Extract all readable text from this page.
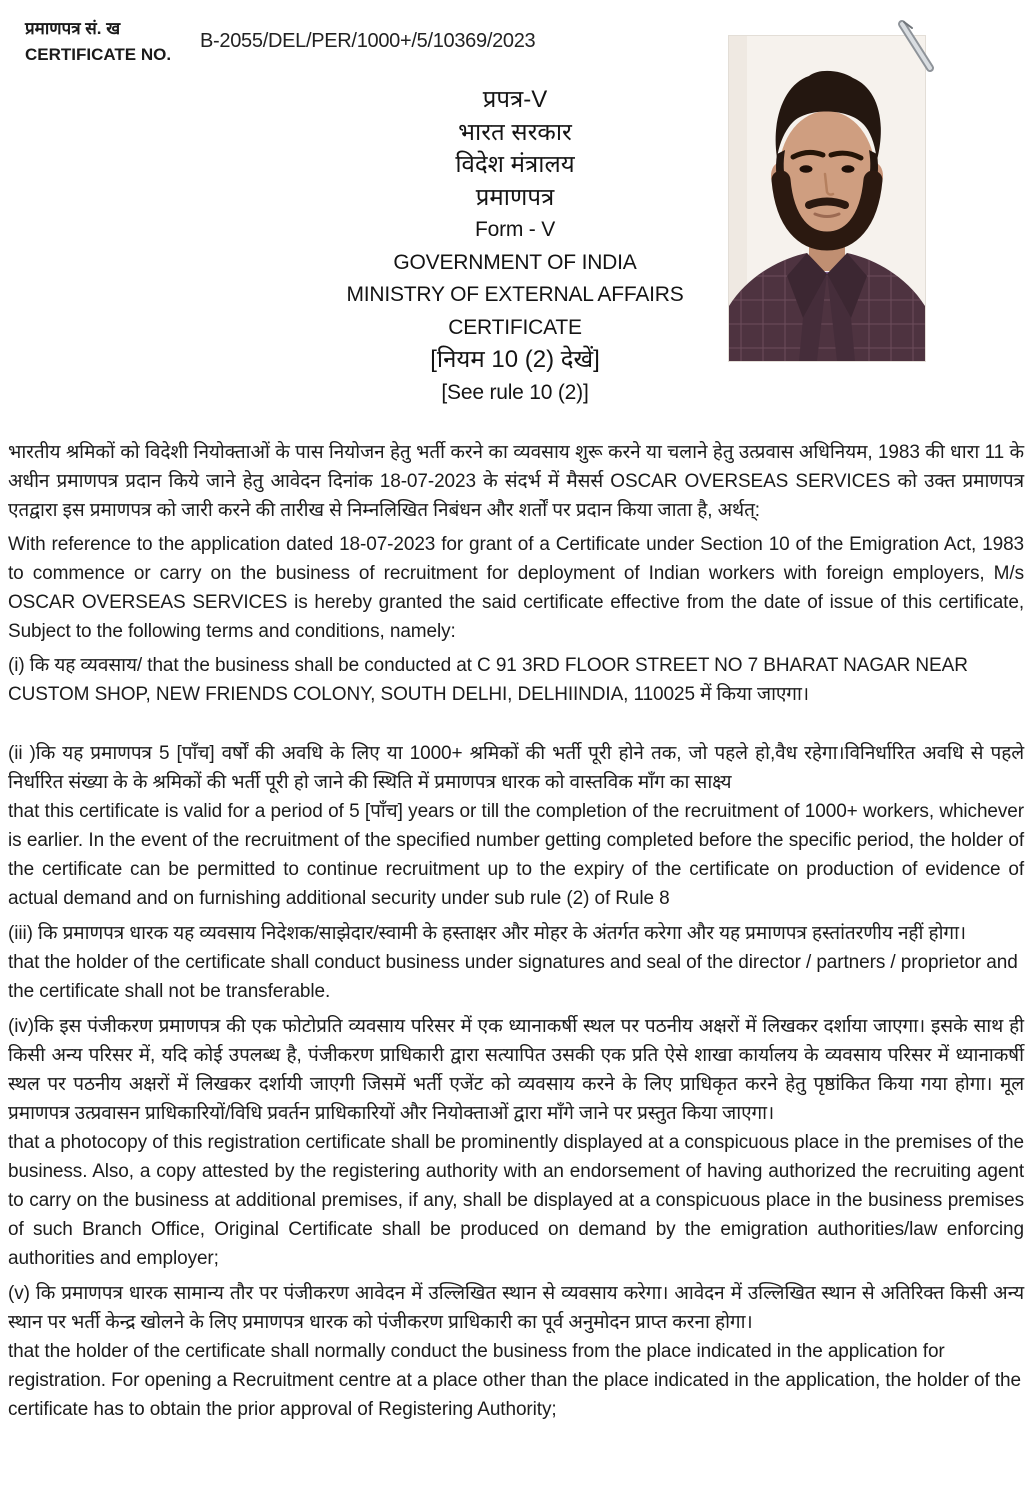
प्रमाणपत्र सं. ख
CERTIFICATE NO.
B-2055/DEL/PER/1000+/5/10369/2023
प्रपत्र-V
भारत सरकार
विदेश मंत्रालय
प्रमाणपत्र
Form - V
GOVERNMENT OF INDIA
MINISTRY OF EXTERNAL AFFAIRS
CERTIFICATE
[नियम 10 (2) देखें]
[See rule 10 (2)]

भारतीय श्रमिकों को विदेशी नियोक्ताओं के पास नियोजन हेतु भर्ती करने का व्यवसाय शुरू करने या चलाने हेतु उत्प्रवास अधिनियम, 1983 की धारा 11 के अधीन प्रमाणपत्र प्रदान किये जाने हेतु आवेदन दिनांक 18-07-2023 के संदर्भ में मैसर्स OSCAR OVERSEAS SERVICES को उक्त प्रमाणपत्र एतद्वारा इस प्रमाणपत्र को जारी करने की तारीख से निम्नलिखित निबंधन और शर्तों पर प्रदान किया जाता है, अर्थत्:

With reference to the application dated 18-07-2023 for grant of a Certificate under Section 10 of the Emigration Act, 1983 to commence or carry on the business of recruitment for deployment of Indian workers with foreign employers, M/s OSCAR OVERSEAS SERVICES is hereby granted the said certificate effective from the date of issue of this certificate, Subject to the following terms and conditions, namely:

(i) कि यह व्यवसाय/ that the business shall be conducted at C 91 3RD FLOOR STREET NO 7 BHARAT NAGAR NEAR CUSTOM SHOP, NEW FRIENDS COLONY, SOUTH DELHI, DELHIINDIA, 110025 में किया जाएगा।

(ii )कि यह प्रमाणपत्र 5 [पाँच] वर्षों की अवधि के लिए या 1000+ श्रमिकों की भर्ती पूरी होने तक, जो पहले हो,वैध रहेगा।विनिर्धारित अवधि से पहले निर्धारित संख्या के के श्रमिकों की भर्ती पूरी हो जाने की स्थिति में प्रमाणपत्र धारक को वास्तविक माँग का साक्ष्य
that this certificate is valid for a period of 5 [पाँच] years or till the completion of the recruitment of 1000+ workers, whichever is earlier. In the event of the recruitment of the specified number getting completed before the specific period, the holder of the certificate can be permitted to continue recruitment up to the expiry of the certificate on production of evidence of actual demand and on furnishing additional security under sub rule (2) of Rule 8
(iii) कि प्रमाणपत्र धारक यह व्यवसाय निदेशक/साझेदार/स्वामी के हस्ताक्षर और मोहर के अंतर्गत करेगा और यह प्रमाणपत्र हस्तांतरणीय नहीं होगा।
that the holder of the certificate shall conduct business under signatures and seal of the director / partners / proprietor and the certificate shall not be transferable.
(iv)कि इस पंजीकरण प्रमाणपत्र की एक फोटोप्रति व्यवसाय परिसर में एक ध्यानाकर्षी स्थल पर पठनीय अक्षरों में लिखकर दर्शाया जाएगा। इसके साथ ही किसी अन्य परिसर में, यदि कोई उपलब्ध है, पंजीकरण प्राधिकारी द्वारा सत्यापित उसकी एक प्रति ऐसे शाखा कार्यालय के व्यवसाय परिसर में ध्यानाकर्षी स्थल पर पठनीय अक्षरों में लिखकर दर्शायी जाएगी जिसमें भर्ती एजेंट को व्यवसाय करने के लिए प्राधिकृत करने हेतु पृष्ठांकित किया गया होगा। मूल प्रमाणपत्र उत्प्रवासन प्राधिकारियों/विधि प्रवर्तन प्राधिकारियों और नियोक्ताओं द्वारा माँगे जाने पर प्रस्तुत किया जाएगा।
that a photocopy of this registration certificate shall be prominently displayed at a conspicuous place in the premises of the business. Also, a copy attested by the registering authority with an endorsement of having authorized the recruiting agent to carry on the business at additional premises, if any, shall be displayed at a conspicuous place in the business premises of such Branch Office, Original Certificate shall be produced on demand by the emigration authorities/law enforcing authorities and employer;
(v) कि प्रमाणपत्र धारक सामान्य तौर पर पंजीकरण आवेदन में उल्लिखित स्थान से व्यवसाय करेगा। आवेदन में उल्लिखित स्थान से अतिरिक्त किसी अन्य स्थान पर भर्ती केन्द्र खोलने के लिए प्रमाणपत्र धारक को पंजीकरण प्राधिकारी का पूर्व अनुमोदन प्राप्त करना होगा।
that the holder of the certificate shall normally conduct the business from the place indicated in the application for registration. For opening a Recruitment centre at a place other than the place indicated in the application, the holder of the certificate has to obtain the prior approval of Registering Authority;
